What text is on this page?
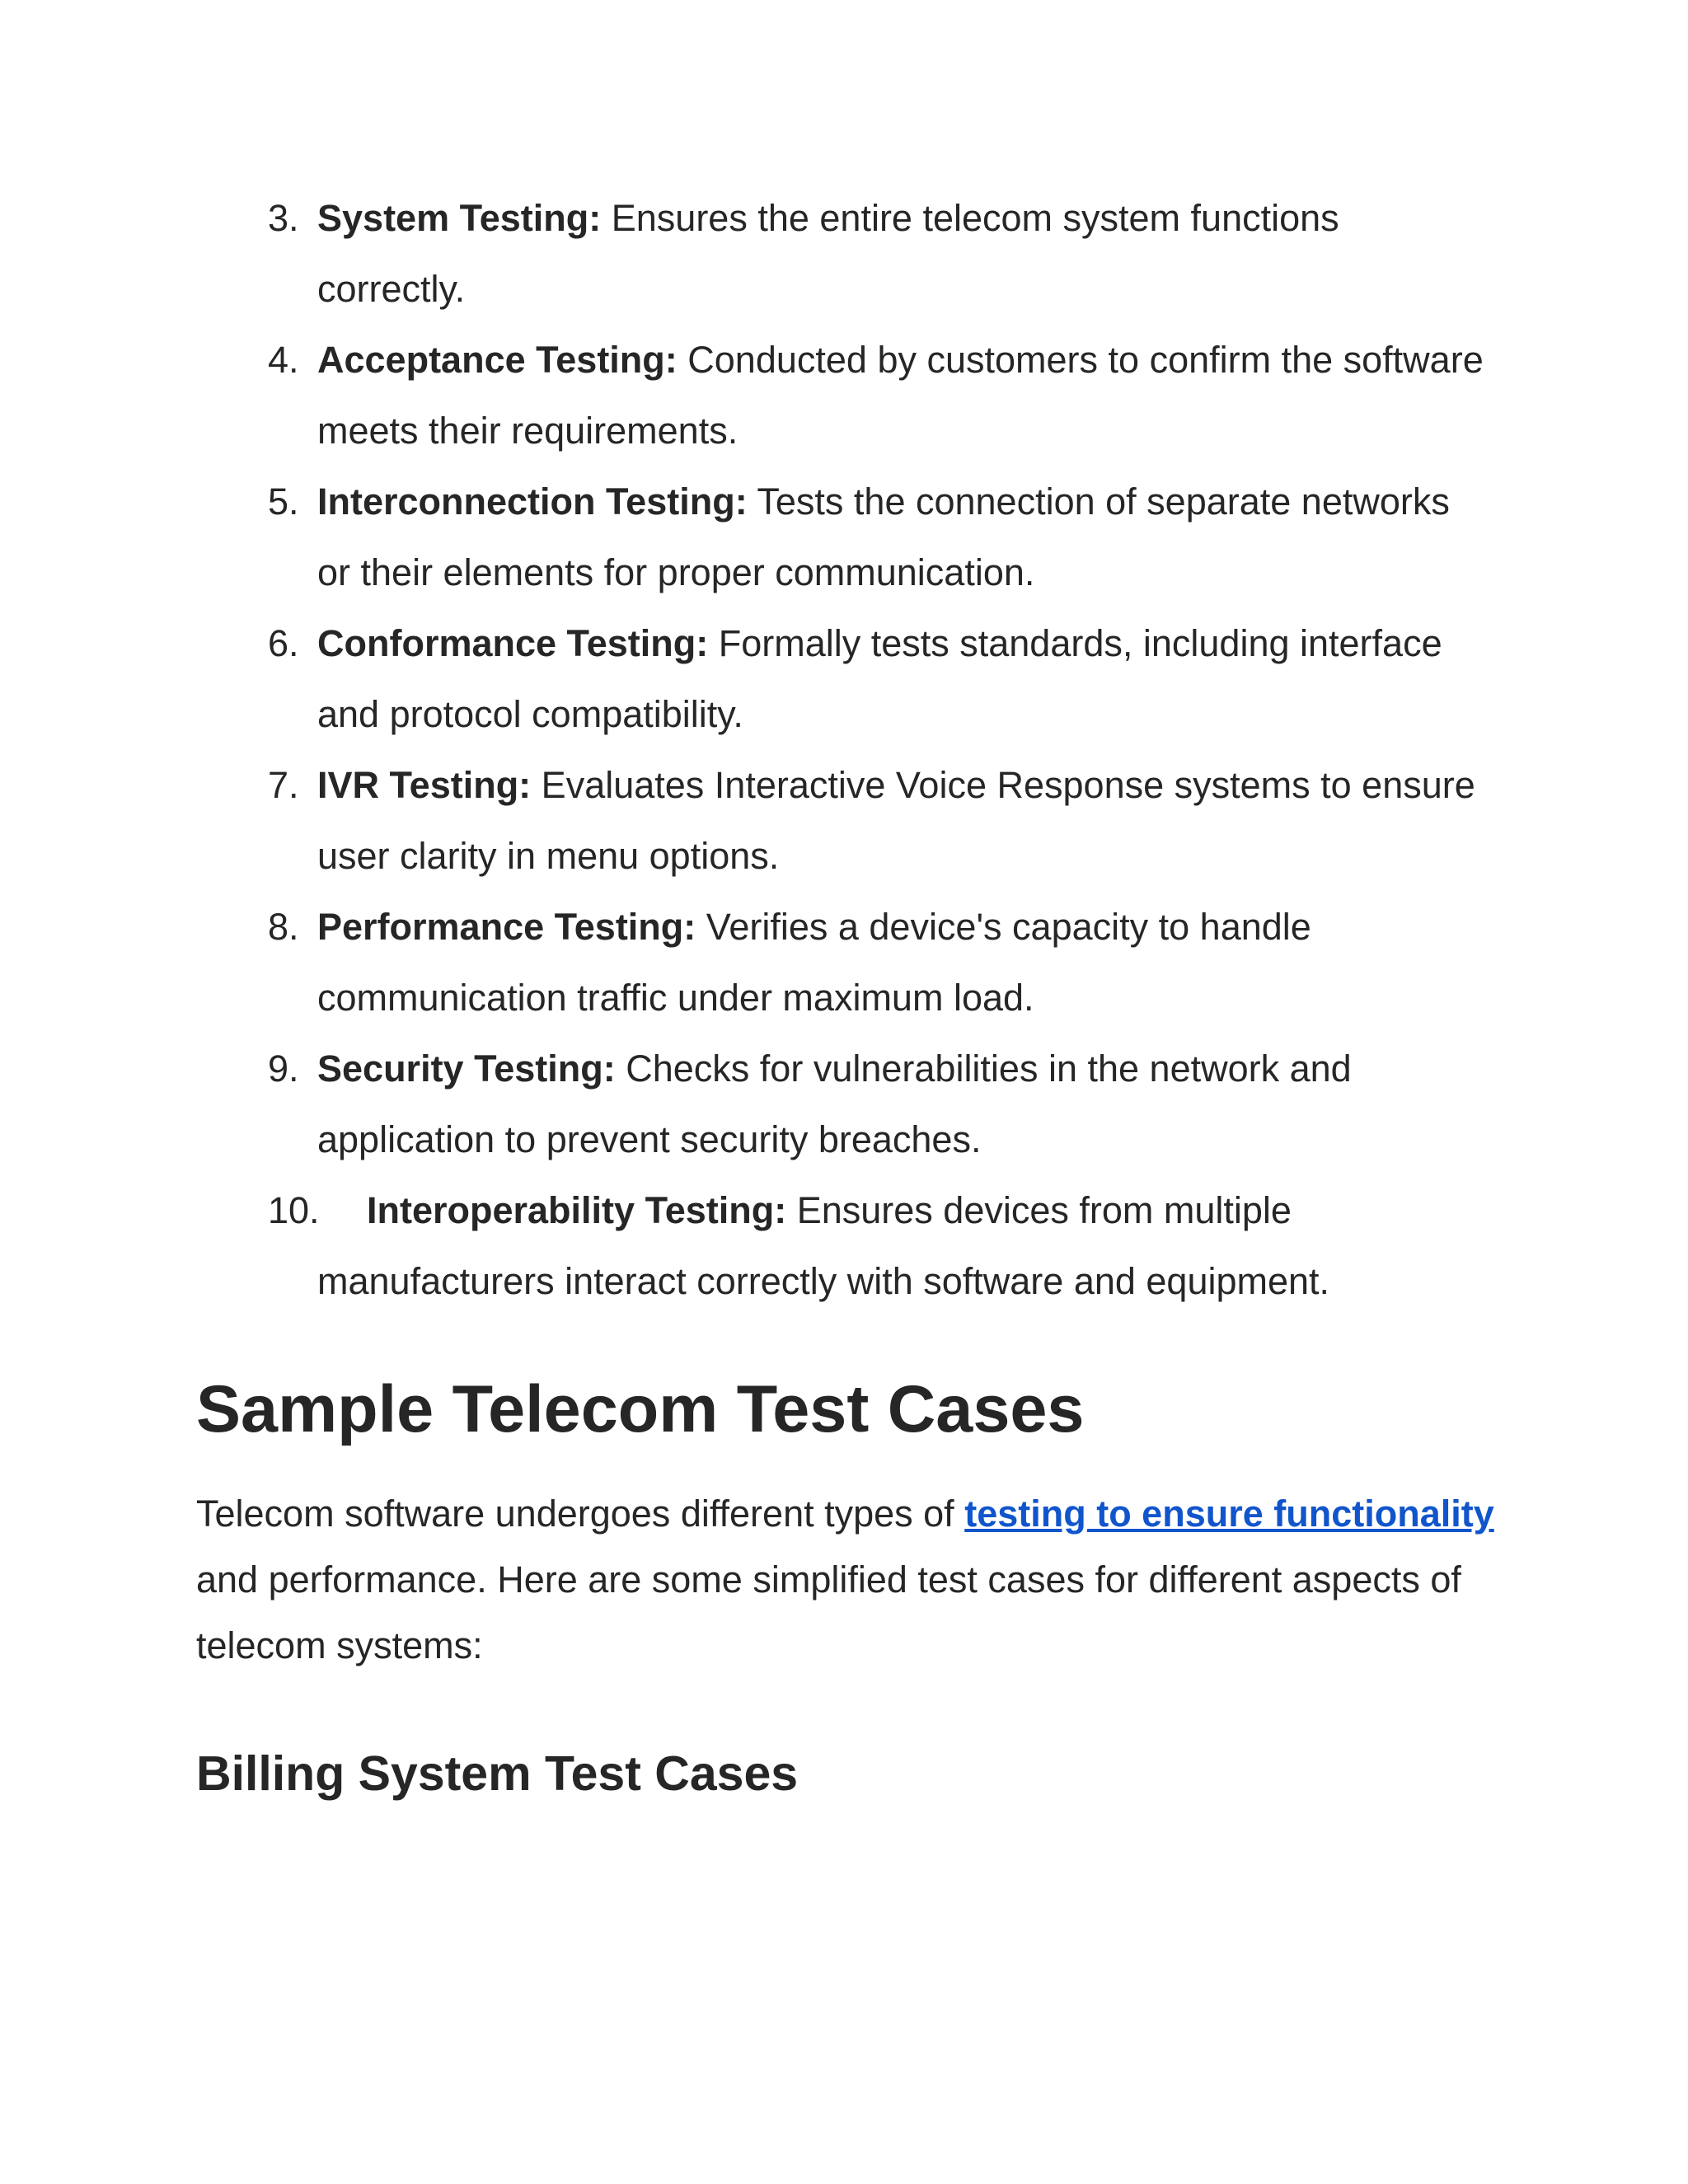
3. System Testing: Ensures the entire telecom system functions correctly.
4. Acceptance Testing: Conducted by customers to confirm the software meets their requirements.
5. Interconnection Testing: Tests the connection of separate networks or their elements for proper communication.
6. Conformance Testing: Formally tests standards, including interface and protocol compatibility.
7. IVR Testing: Evaluates Interactive Voice Response systems to ensure user clarity in menu options.
8. Performance Testing: Verifies a device's capacity to handle communication traffic under maximum load.
9. Security Testing: Checks for vulnerabilities in the network and application to prevent security breaches.
10.	Interoperability Testing: Ensures devices from multiple manufacturers interact correctly with software and equipment.
Sample Telecom Test Cases

Telecom software undergoes different types of testing to ensure functionality and performance. Here are some simplified test cases for different aspects of telecom systems:

Billing System Test Cases
